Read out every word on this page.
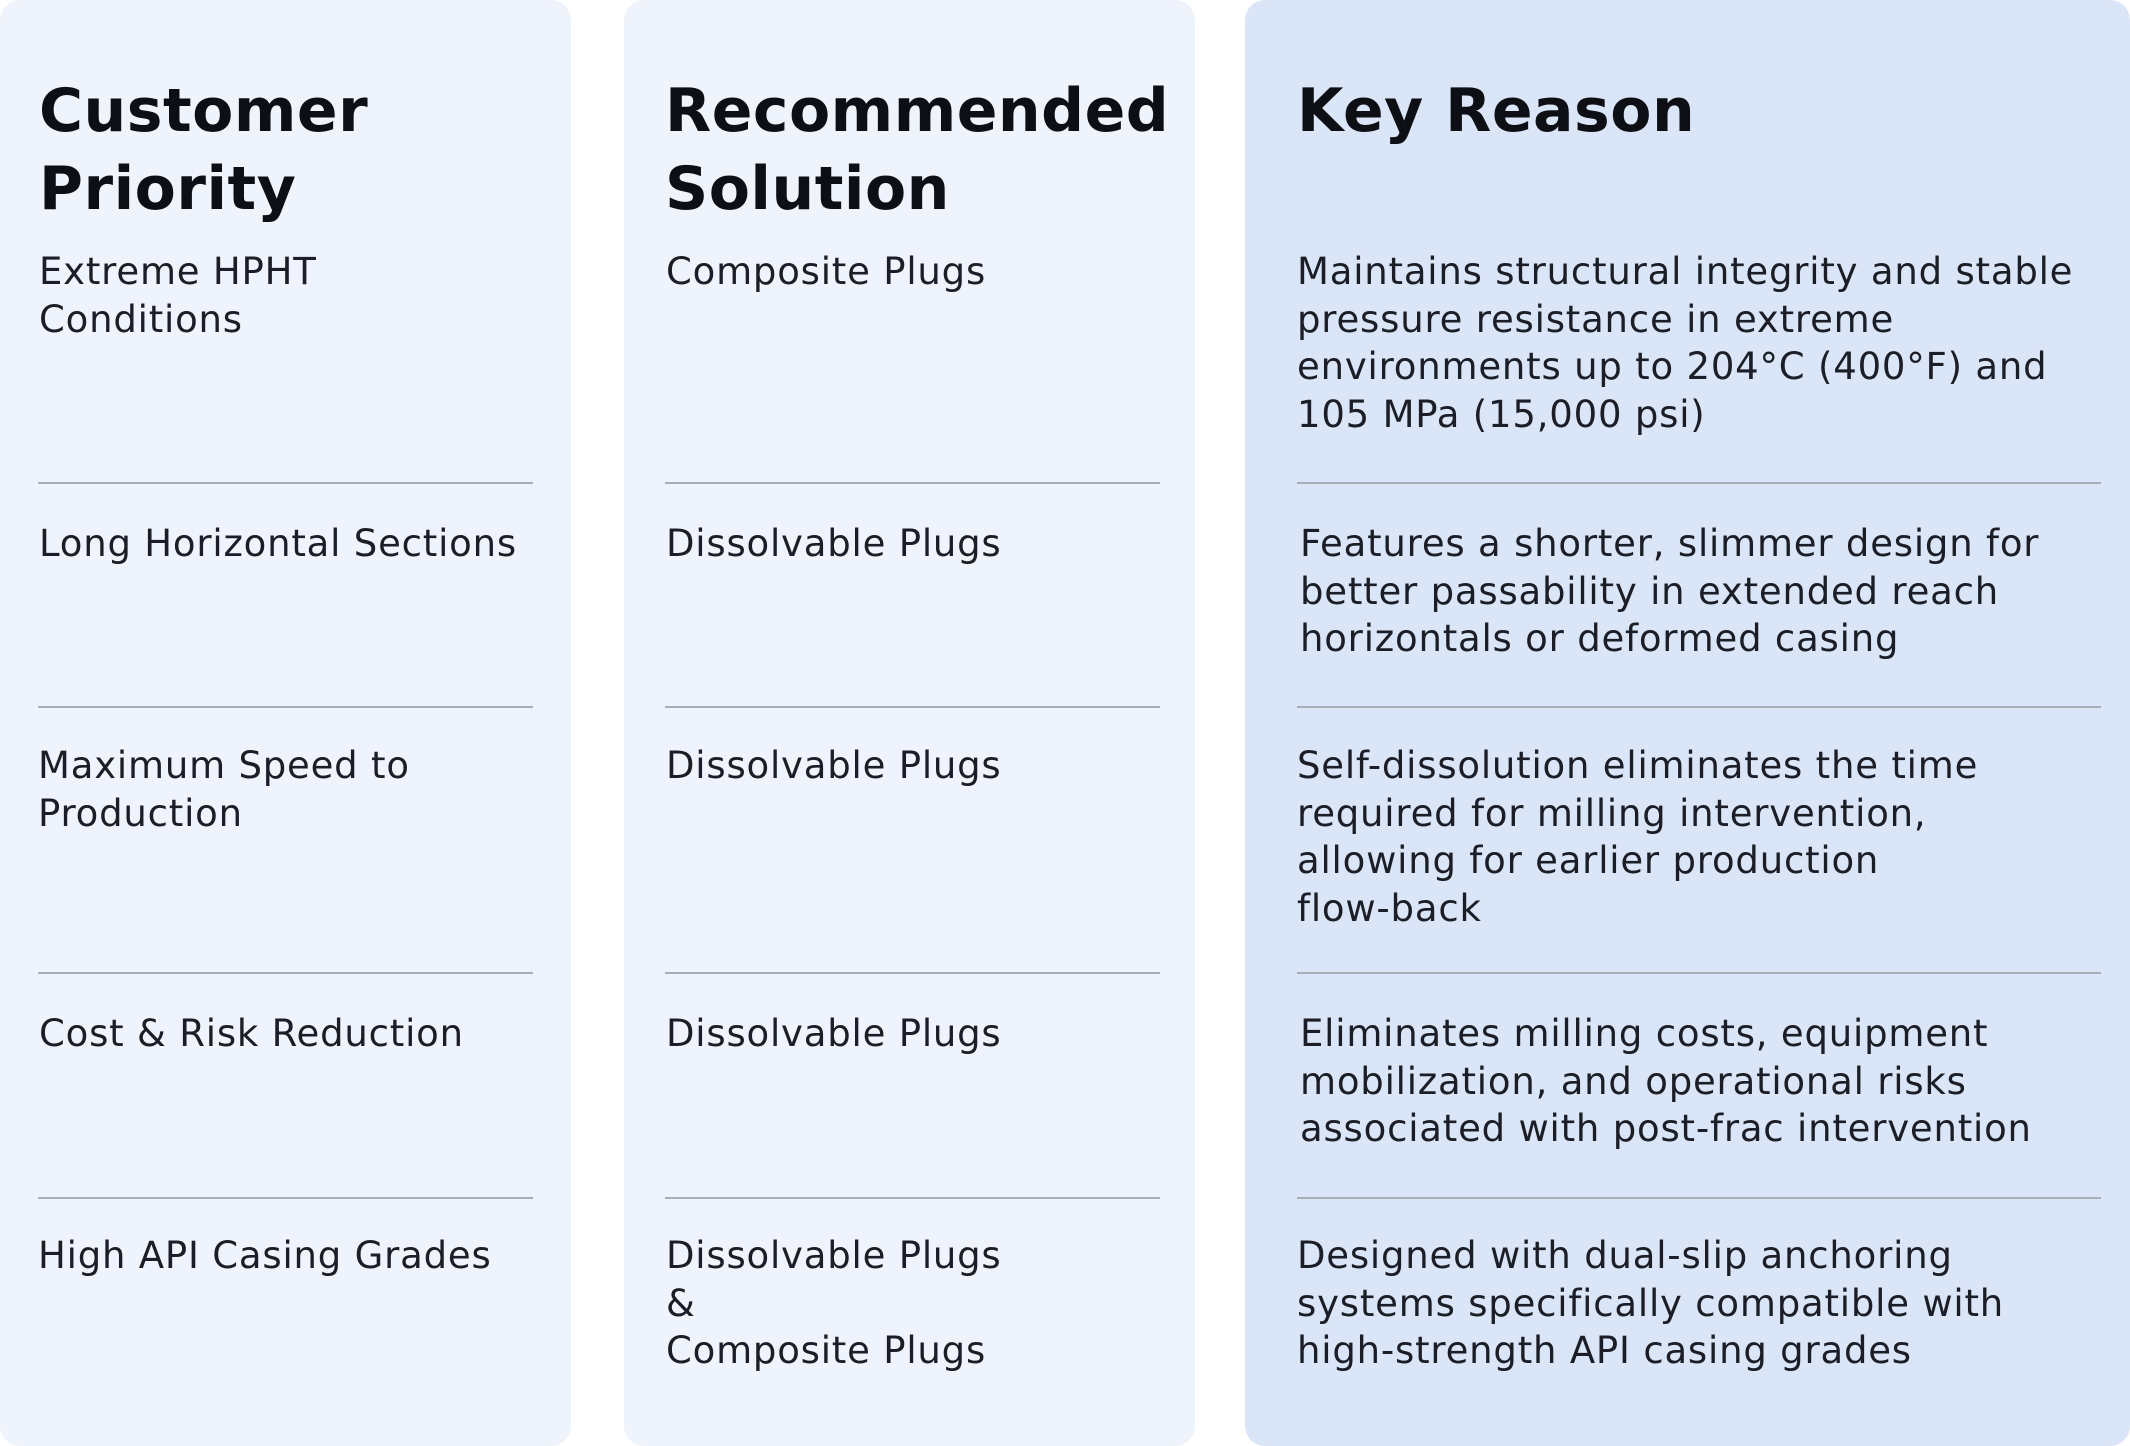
Customer
Priority
Extreme HPHT
Conditions
Long Horizontal Sections
Maximum Speed to
Production
Cost & Risk Reduction
High API Casing Grades
Recommended
Solution
Composite Plugs
Dissolvable Plugs
Dissolvable Plugs
Dissolvable Plugs
Dissolvable Plugs
&
Composite Plugs
Key Reason
Maintains structural integrity and stable
pressure resistance in extreme
environments up to 204°C (400°F) and
105 MPa (15,000 psi)
Features a shorter, slimmer design for
better passability in extended reach
horizontals or deformed casing
Self-dissolution eliminates the time
required for milling intervention,
allowing for earlier production
flow-back
Eliminates milling costs, equipment
mobilization, and operational risks
associated with post-frac intervention
Designed with dual-slip anchoring
systems specifically compatible with
high-strength API casing grades
